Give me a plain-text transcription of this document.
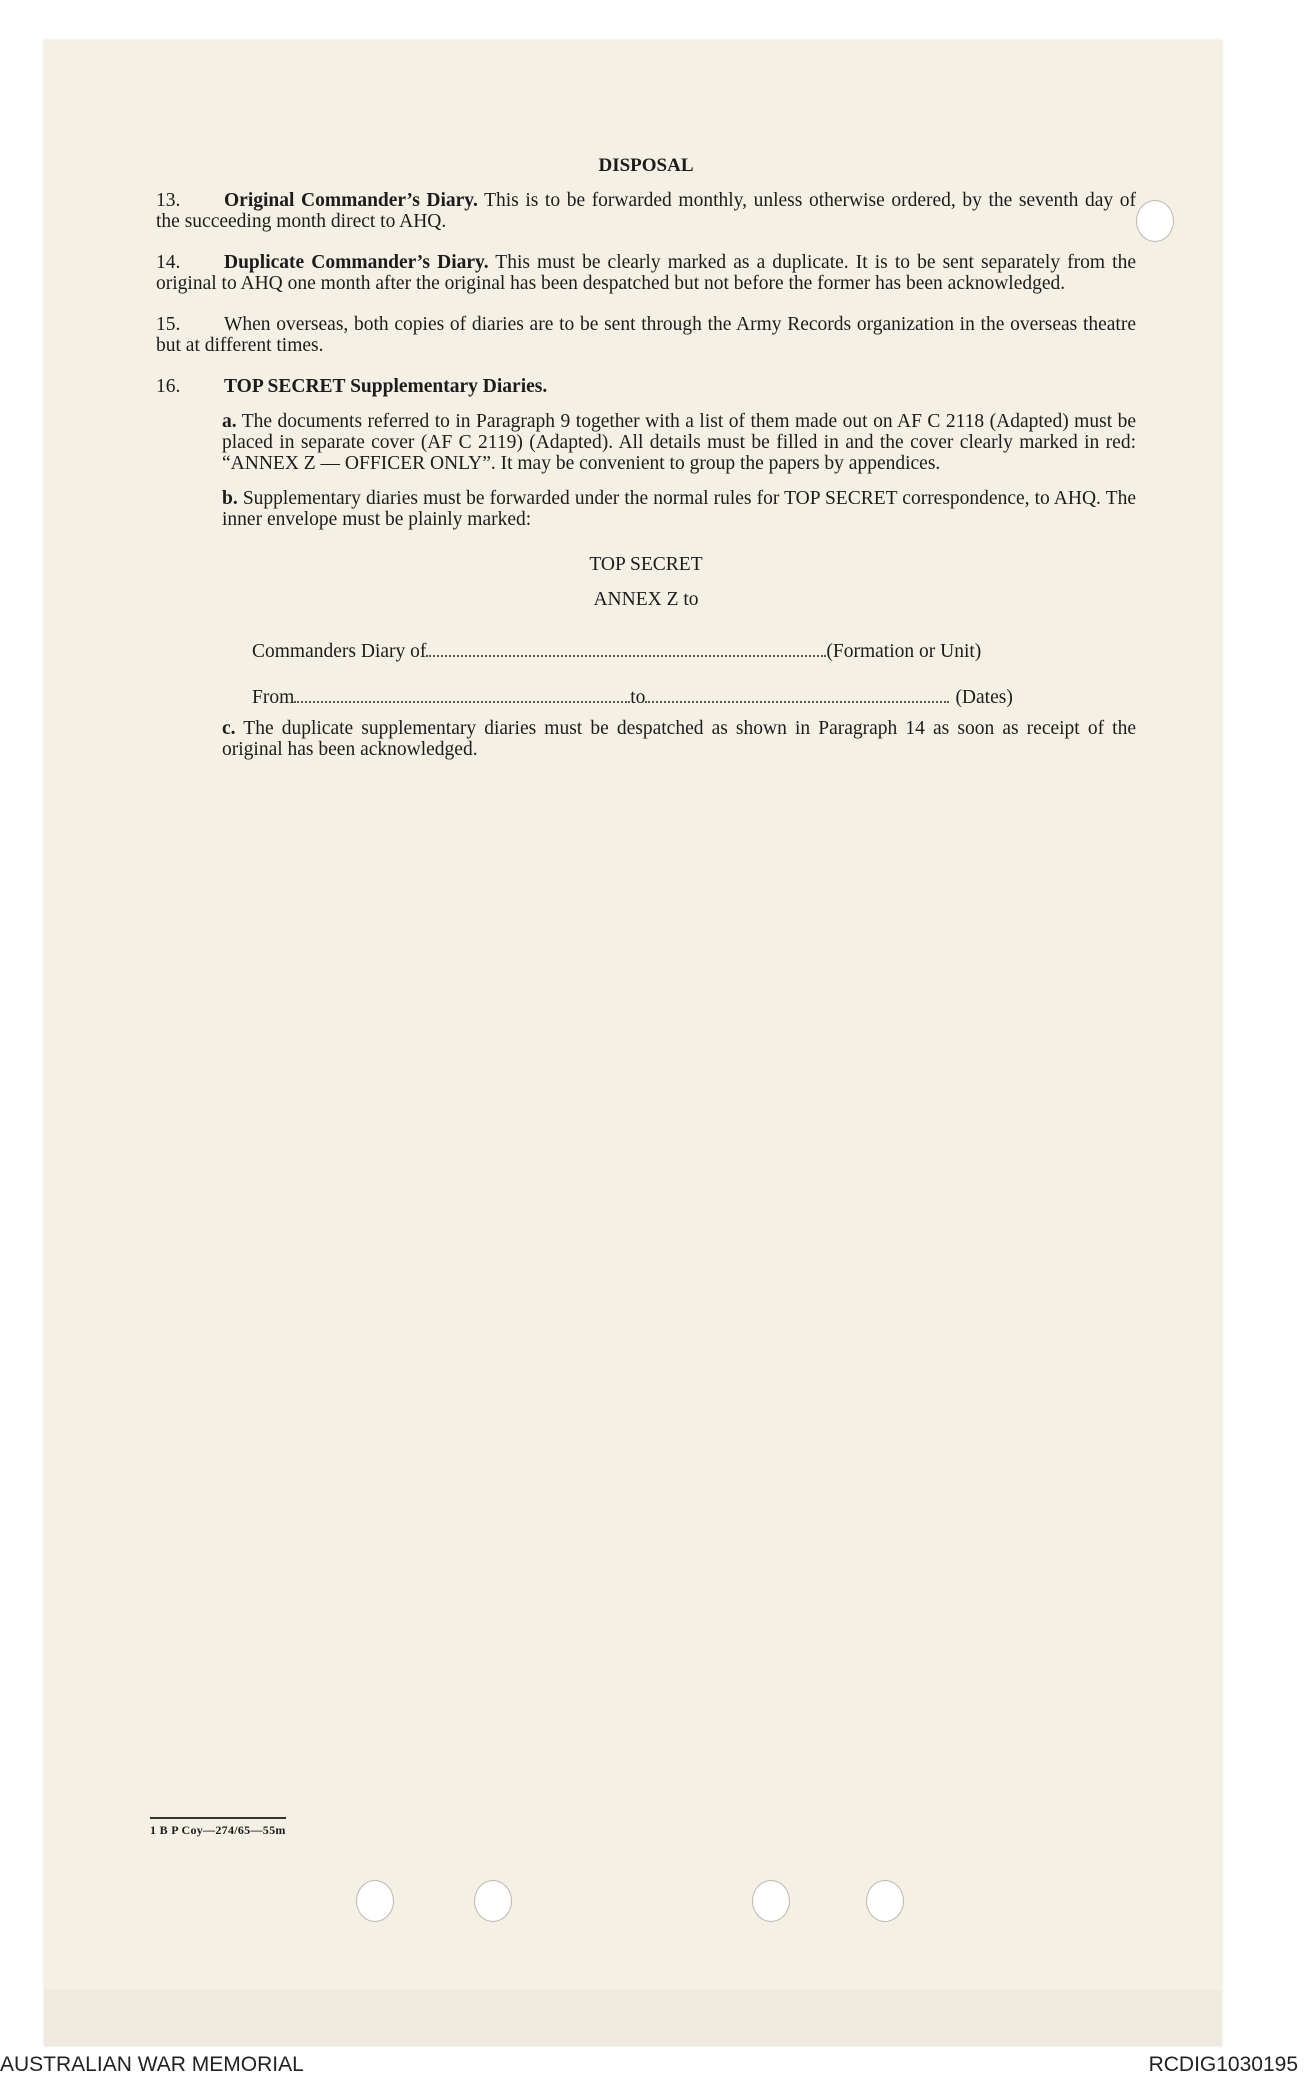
DISPOSAL
13. Original Commander’s Diary. This is to be forwarded monthly, unless otherwise ordered, by the seventh day of the succeeding month direct to AHQ.
14. Duplicate Commander’s Diary. This must be clearly marked as a duplicate. It is to be sent separately from the original to AHQ one month after the original has been despatched but not before the former has been acknowledged.
15. When overseas, both copies of diaries are to be sent through the Army Records organization in the overseas theatre but at different times.
16. TOP SECRET Supplementary Diaries.
a. The documents referred to in Paragraph 9 together with a list of them made out on AF C 2118 (Adapted) must be placed in separate cover (AF C 2119) (Adapted). All details must be filled in and the cover clearly marked in red: “ANNEX Z — OFFICER ONLY”. It may be convenient to group the papers by appendices.
b. Supplementary diaries must be forwarded under the normal rules for TOP SECRET correspondence, to AHQ. The inner envelope must be plainly marked:
TOP SECRET
ANNEX Z to
Commanders Diary of	(Formation or Unit)
From	to	(Dates)
c. The duplicate supplementary diaries must be despatched as shown in Paragraph 14 as soon as receipt of the original has been acknowledged.
1 B P Coy—274/65—55m
AUSTRALIAN WAR MEMORIAL	RCDIG1030195
